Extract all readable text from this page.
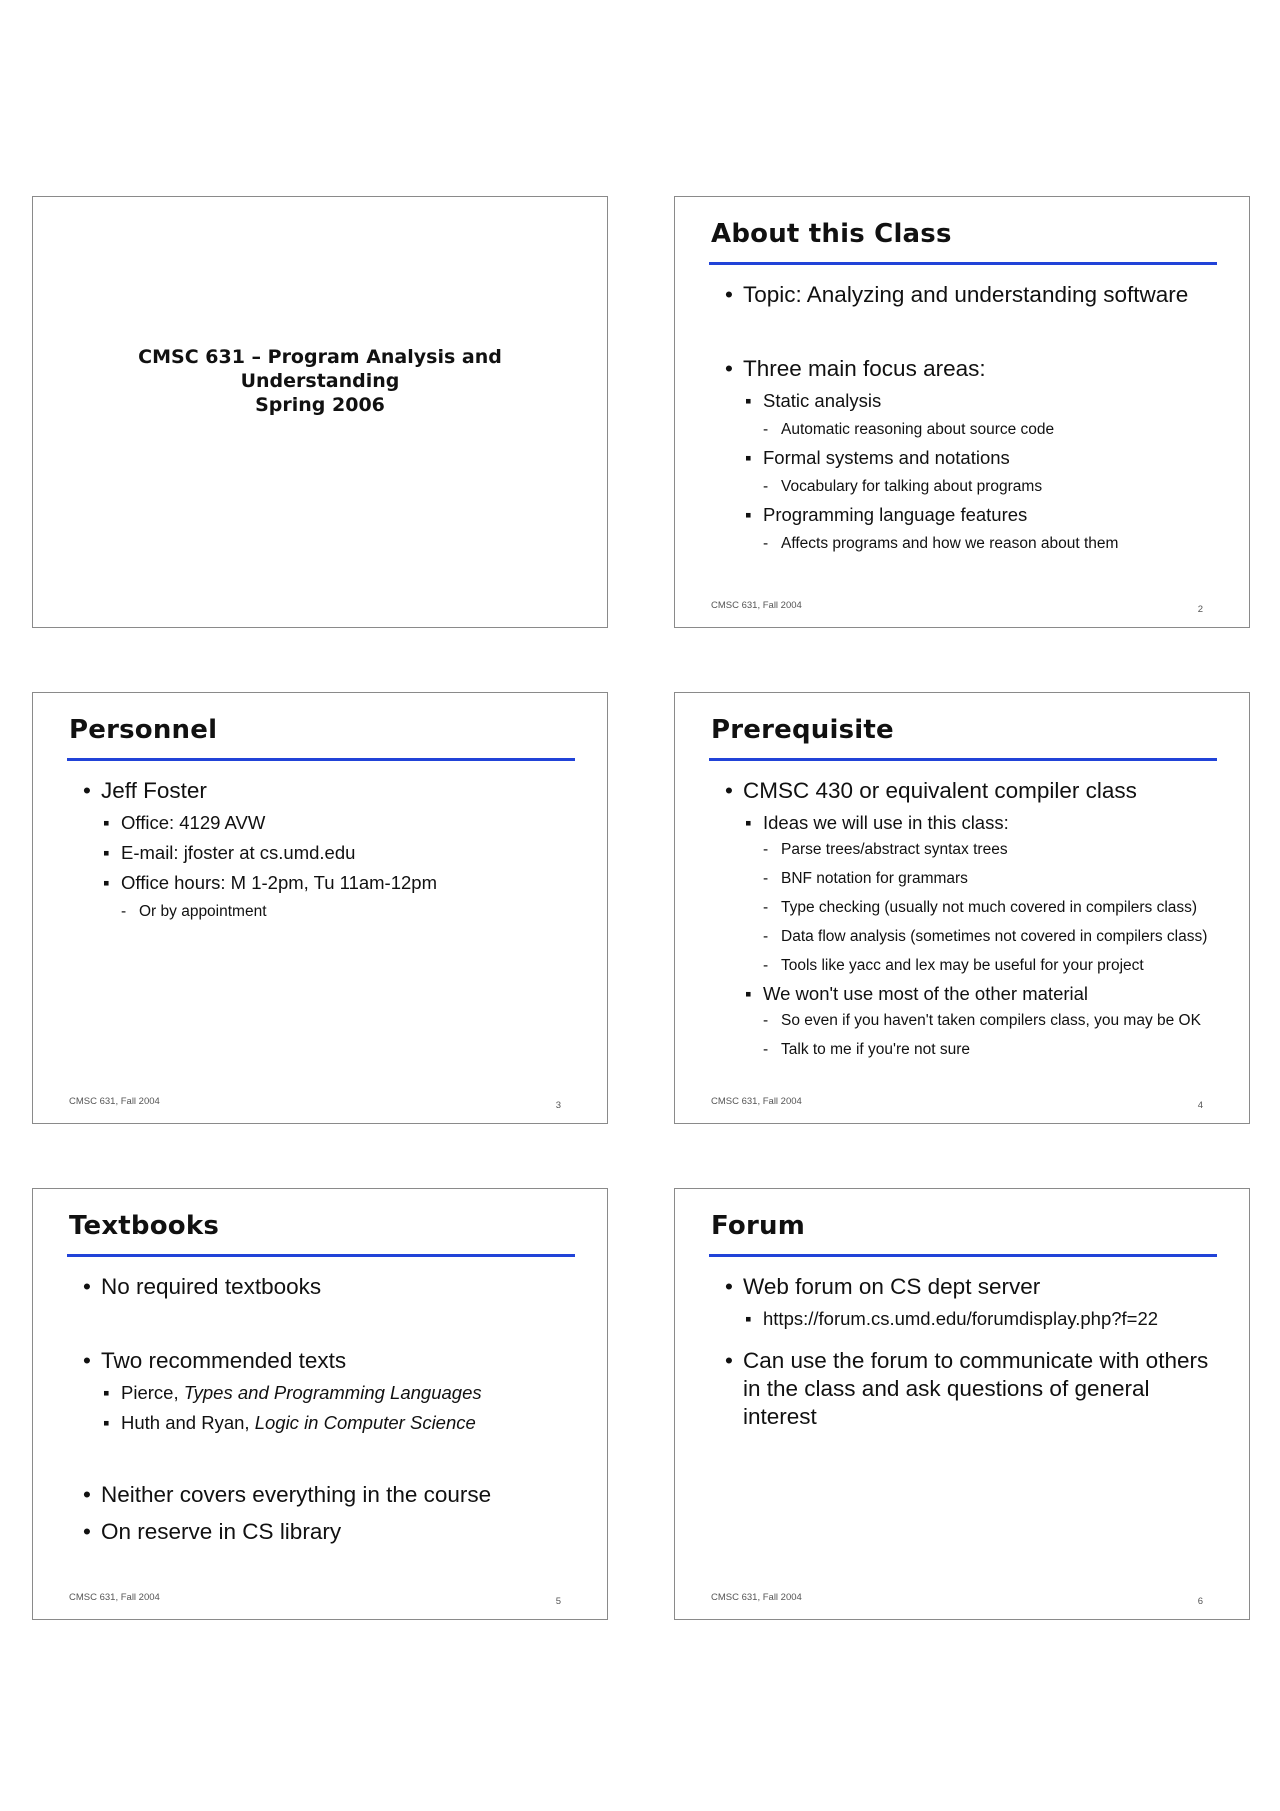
CMSC 631 – Program Analysis and
Understanding
Spring 2006
About this Class
• Topic: Analyzing and understanding software
• Three main focus areas:
▪ Static analysis
- Automatic reasoning about source code
▪ Formal systems and notations
- Vocabulary for talking about programs
▪ Programming language features
- Affects programs and how we reason about them
CMSC 631, Fall 2004	2
Personnel
• Jeff Foster
▪ Office: 4129 AVW
▪ E-mail: jfoster at cs.umd.edu
▪ Office hours: M 1-2pm, Tu 11am-12pm
- Or by appointment
CMSC 631, Fall 2004	3
Prerequisite
• CMSC 430 or equivalent compiler class
▪ Ideas we will use in this class:
- Parse trees/abstract syntax trees
- BNF notation for grammars
- Type checking (usually not much covered in compilers class)
- Data flow analysis (sometimes not covered in compilers class)
- Tools like yacc and lex may be useful for your project
▪ We won't use most of the other material
- So even if you haven't taken compilers class, you may be OK
- Talk to me if you're not sure
CMSC 631, Fall 2004	4
Textbooks
• No required textbooks
• Two recommended texts
▪ Pierce, Types and Programming Languages
▪ Huth and Ryan, Logic in Computer Science
• Neither covers everything in the course
• On reserve in CS library
CMSC 631, Fall 2004	5
Forum
• Web forum on CS dept server
▪ https://forum.cs.umd.edu/forumdisplay.php?f=22
• Can use the forum to communicate with others in the class and ask questions of general interest
CMSC 631, Fall 2004	6
